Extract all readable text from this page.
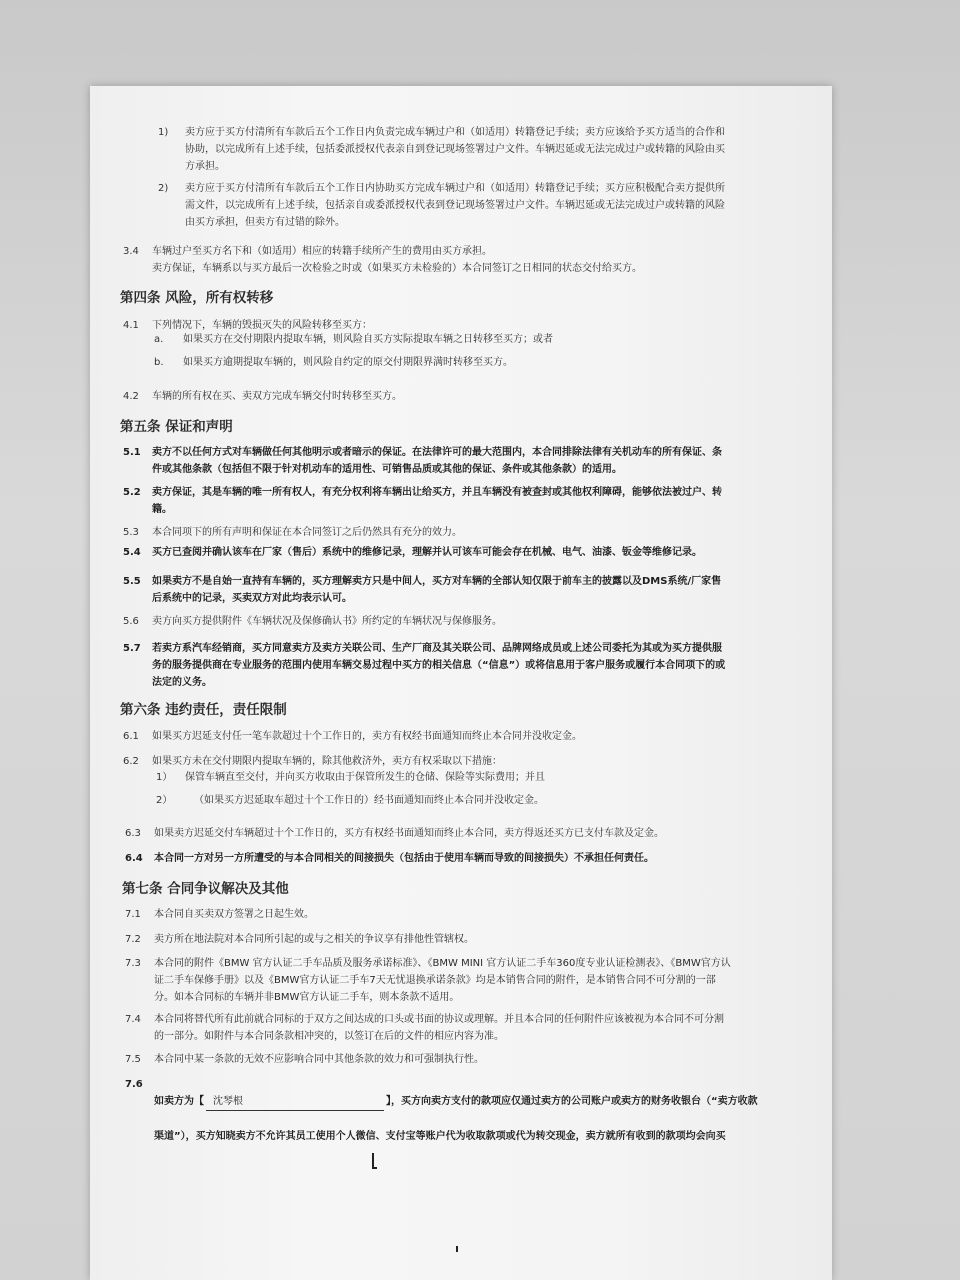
1) 卖方应于买方付清所有车款后五个工作日内负责完成车辆过户和（如适用）转籍登记手续；卖方应该给予买方适当的合作和
协助，以完成所有上述手续，包括委派授权代表亲自到登记现场签署过户文件。车辆迟延或无法完成过户或转籍的风险由买
方承担。
2) 卖方应于买方付清所有车款后五个工作日内协助买方完成车辆过户和（如适用）转籍登记手续；买方应积极配合卖方提供所
需文件，以完成所有上述手续，包括亲自或委派授权代表到登记现场签署过户文件。车辆迟延或无法完成过户或转籍的风险
由买方承担，但卖方有过错的除外。
3.4 车辆过户至买方名下和（如适用）相应的转籍手续所产生的费用由买方承担。
卖方保证，车辆系以与买方最后一次检验之时或（如果买方未检验的）本合同签订之日相同的状态交付给买方。
第四条 风险，所有权转移
4.1 下列情况下，车辆的毁损灭失的风险转移至买方：
a. 如果买方在交付期限内提取车辆，则风险自买方实际提取车辆之日转移至买方；或者
b. 如果买方逾期提取车辆的，则风险自约定的原交付期限界满时转移至买方。
4.2 车辆的所有权在买、卖双方完成车辆交付时转移至买方。
第五条 保证和声明
5.1 卖方不以任何方式对车辆做任何其他明示或者暗示的保证。在法律许可的最大范围内，本合同排除法律有关机动车的所有保证、条
件或其他条款（包括但不限于针对机动车的适用性、可销售品质或其他的保证、条件或其他条款）的适用。
5.2 卖方保证，其是车辆的唯一所有权人，有充分权利将车辆出让给买方，并且车辆没有被查封或其他权利障碍，能够依法被过户、转
籍。
5.3 本合同项下的所有声明和保证在本合同签订之后仍然具有充分的效力。
5.4 买方已查阅并确认该车在厂家（售后）系统中的维修记录，理解并认可该车可能会存在机械、电气、油漆、钣金等维修记录。
5.5 如果卖方不是自始一直持有车辆的，买方理解卖方只是中间人，买方对车辆的全部认知仅限于前车主的披露以及DMS系统/厂家售
后系统中的记录，买卖双方对此均表示认可。
5.6 卖方向买方提供附件《车辆状况及保修确认书》所约定的车辆状况与保修服务。
5.7 若卖方系汽车经销商，买方同意卖方及卖方关联公司、生产厂商及其关联公司、品牌网络成员或上述公司委托为其或为买方提供服
务的服务提供商在专业服务的范围内使用车辆交易过程中买方的相关信息（“信息”）或将信息用于客户服务或履行本合同项下的或
法定的义务。
第六条 违约责任，责任限制
6.1 如果买方迟延支付任一笔车款超过十个工作日的，卖方有权经书面通知而终止本合同并没收定金。
6.2 如果买方未在交付期限内提取车辆的，除其他救济外，卖方有权采取以下措施：
1） 保管车辆直至交付，并向买方收取由于保管所发生的仓储、保险等实际费用；并且
2） （如果买方迟延取车超过十个工作日的）经书面通知而终止本合同并没收定金。
6.3 如果卖方迟延交付车辆超过十个工作日的，买方有权经书面通知而终止本合同，卖方得返还买方已支付车款及定金。
6.4 本合同一方对另一方所遭受的与本合同相关的间接损失（包括由于使用车辆而导致的间接损失）不承担任何责任。
第七条 合同争议解决及其他
7.1 本合同自买卖双方签署之日起生效。
7.2 卖方所在地法院对本合同所引起的或与之相关的争议享有排他性管辖权。
7.3 本合同的附件《BMW 官方认证二手车品质及服务承诺标准》、《BMW MINI 官方认证二手车360度专业认证检测表》、《BMW官方认
证二手车保修手册》以及《BMW官方认证二手车7天无忧退换承诺条款》均是本销售合同的附件，是本销售合同不可分割的一部
分。如本合同标的车辆并非BMW官方认证二手车，则本条款不适用。
7.4 本合同将替代所有此前就合同标的于双方之间达成的口头或书面的协议或理解。并且本合同的任何附件应该被视为本合同不可分割
的一部分。如附件与本合同条款相冲突的，以签订在后的文件的相应内容为准。
7.5 本合同中某一条款的无效不应影响合同中其他条款的效力和可强制执行性。
7.6

如卖方为【 沈琴根	】，买方向卖方支付的款项应仅通过卖方的公司账户或卖方的财务收银台（“卖方收款

渠道”），买方知晓卖方不允许其员工使用个人微信、支付宝等账户代为收取款项或代为转交现金，卖方就所有收到的款项均会向买
